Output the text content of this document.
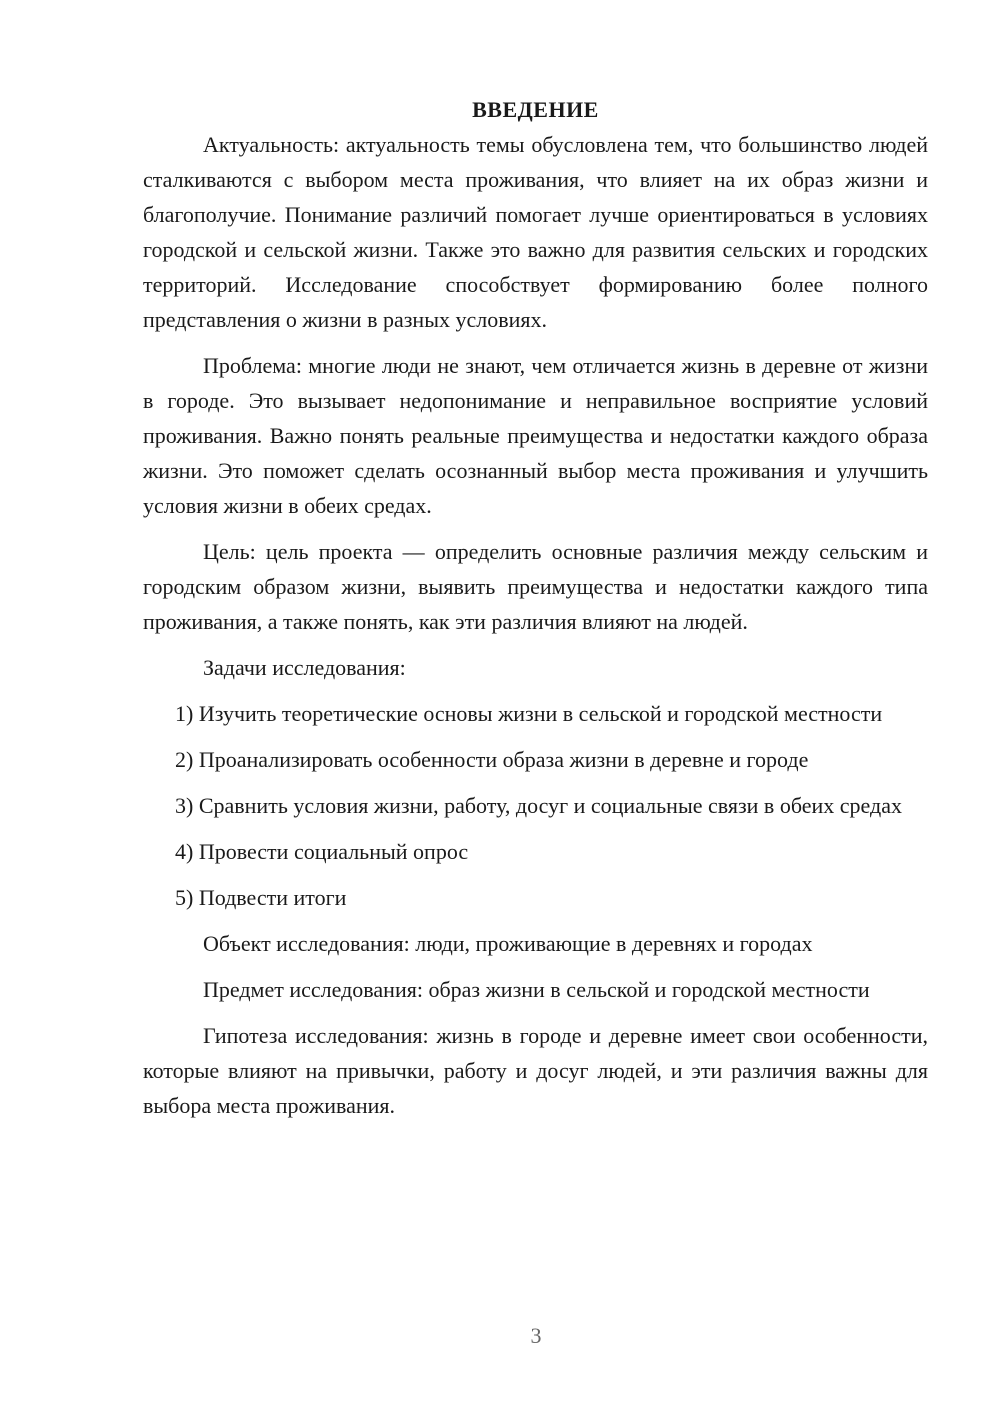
ВВЕДЕНИЕ

Актуальность: актуальность темы обусловлена тем, что большинство людей сталкиваются с выбором места проживания, что влияет на их образ жизни и благополучие. Понимание различий помогает лучше ориентироваться в условиях городской и сельской жизни. Также это важно для развития сельских и городских территорий. Исследование способствует формированию более полного представления о жизни в разных условиях.

Проблема: многие люди не знают, чем отличается жизнь в деревне от жизни в городе. Это вызывает недопонимание и неправильное восприятие условий проживания. Важно понять реальные преимущества и недостатки каждого образа жизни. Это поможет сделать осознанный выбор места проживания и улучшить условия жизни в обеих средах.

Цель: цель проекта — определить основные различия между сельским и городским образом жизни, выявить преимущества и недостатки каждого типа проживания, а также понять, как эти различия влияют на людей.

Задачи исследования:

1) Изучить теоретические основы жизни в сельской и городской местности

2) Проанализировать особенности образа жизни в деревне и городе

3) Сравнить условия жизни, работу, досуг и социальные связи в обеих средах

4) Провести социальный опрос

5) Подвести итоги

Объект исследования: люди, проживающие в деревнях и городах

Предмет исследования: образ жизни в сельской и городской местности

Гипотеза исследования: жизнь в городе и деревне имеет свои особенности, которые влияют на привычки, работу и досуг людей, и эти различия важны для выбора места проживания.

3
